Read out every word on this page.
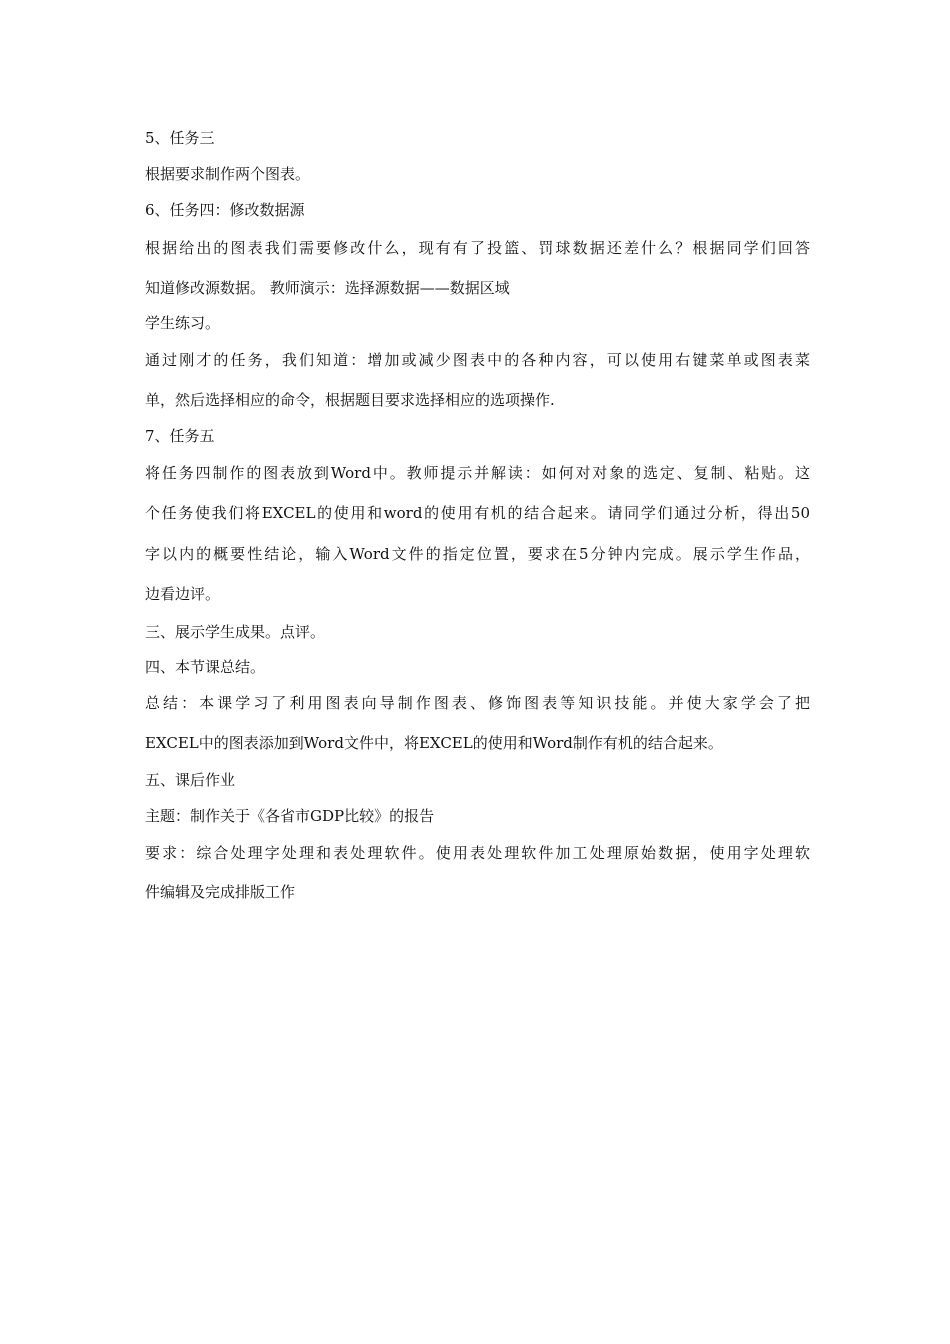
5、任务三
根据要求制作两个图表。
6、任务四：修改数据源
根据给出的图表我们需要修改什么，现有有了投篮、罚球数据还差什么？根据同学们回答
知道修改源数据。 教师演示：选择源数据——数据区域
学生练习。
通过刚才的任务，我们知道：增加或减少图表中的各种内容，可以使用右键菜单或图表菜
单，然后选择相应的命令，根据题目要求选择相应的选项操作.
7、任务五
将任务四制作的图表放到Word中。教师提示并解读：如何对对象的选定、复制、粘贴。这
个任务使我们将EXCEL的使用和word的使用有机的结合起来。请同学们通过分析，得出50
字以内的概要性结论，输入Word文件的指定位置，要求在5分钟内完成。展示学生作品，
边看边评。
三、展示学生成果。点评。
四、本节课总结。
总结：本课学习了利用图表向导制作图表、修饰图表等知识技能。并使大家学会了把
EXCEL中的图表添加到Word文件中，将EXCEL的使用和Word制作有机的结合起来。
五、课后作业
主题：制作关于《各省市GDP比较》的报告
要求：综合处理字处理和表处理软件。使用表处理软件加工处理原始数据，使用字处理软
件编辑及完成排版工作
